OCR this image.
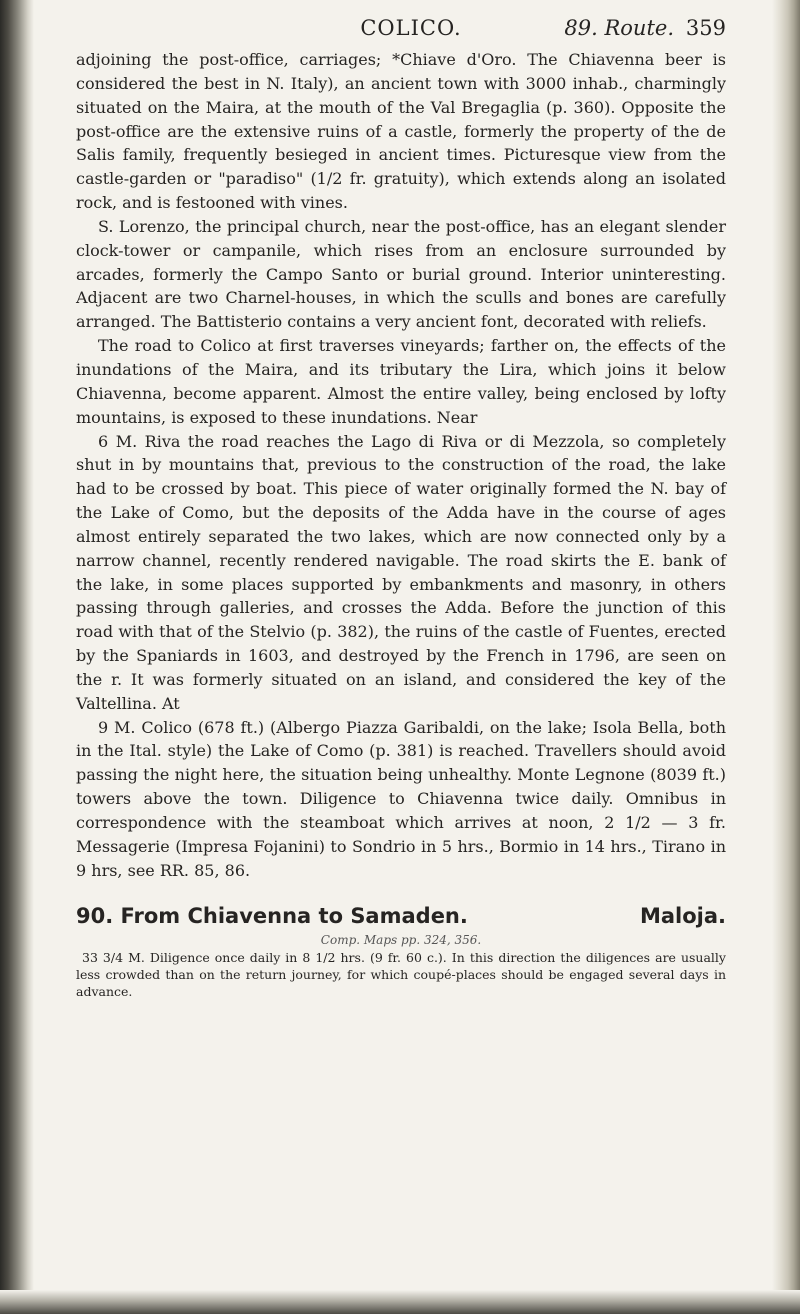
COLICO.	89. Route. 359

adjoining the post-office, carriages; *Chiave d'Oro. The Chiavenna beer is considered the best in N. Italy), an ancient town with 3000 inhab., charmingly situated on the Maira, at the mouth of the Val Bregaglia (p. 360). Opposite the post-office are the extensive ruins of a castle, formerly the property of the de Salis family, frequently besieged in ancient times. Picturesque view from the castle-garden or "paradiso" (1/2 fr. gratuity), which extends along an isolated rock, and is festooned with vines.

S. Lorenzo, the principal church, near the post-office, has an elegant slender clock-tower or campanile, which rises from an enclosure surrounded by arcades, formerly the Campo Santo or burial ground. Interior uninteresting. Adjacent are two Charnel-houses, in which the sculls and bones are carefully arranged. The Battisterio contains a very ancient font, decorated with reliefs.

The road to Colico at first traverses vineyards; farther on, the effects of the inundations of the Maira, and its tributary the Lira, which joins it below Chiavenna, become apparent. Almost the entire valley, being enclosed by lofty mountains, is exposed to these inundations. Near

6 M. Riva the road reaches the Lago di Riva or di Mezzola, so completely shut in by mountains that, previous to the construction of the road, the lake had to be crossed by boat. This piece of water originally formed the N. bay of the Lake of Como, but the deposits of the Adda have in the course of ages almost entirely separated the two lakes, which are now connected only by a narrow channel, recently rendered navigable. The road skirts the E. bank of the lake, in some places supported by embankments and masonry, in others passing through galleries, and crosses the Adda. Before the junction of this road with that of the Stelvio (p. 382), the ruins of the castle of Fuentes, erected by the Spaniards in 1603, and destroyed by the French in 1796, are seen on the r. It was formerly situated on an island, and considered the key of the Valtellina. At

9 M. Colico (678 ft.) (Albergo Piazza Garibaldi, on the lake; Isola Bella, both in the Ital. style) the Lake of Como (p. 381) is reached. Travellers should avoid passing the night here, the situation being unhealthy. Monte Legnone (8039 ft.) towers above the town. Diligence to Chiavenna twice daily. Omnibus in correspondence with the steamboat which arrives at noon, 2 1/2 — 3 fr. Messagerie (Impresa Fojanini) to Sondrio in 5 hrs., Bormio in 14 hrs., Tirano in 9 hrs, see RR. 85, 86.

90. From Chiavenna to Samaden.	Maloja.
Comp. Maps pp. 324, 356.

33 3/4 M. Diligence once daily in 8 1/2 hrs. (9 fr. 60 c.). In this direction the diligences are usually less crowded than on the return journey, for which coupé-places should be engaged several days in advance.
